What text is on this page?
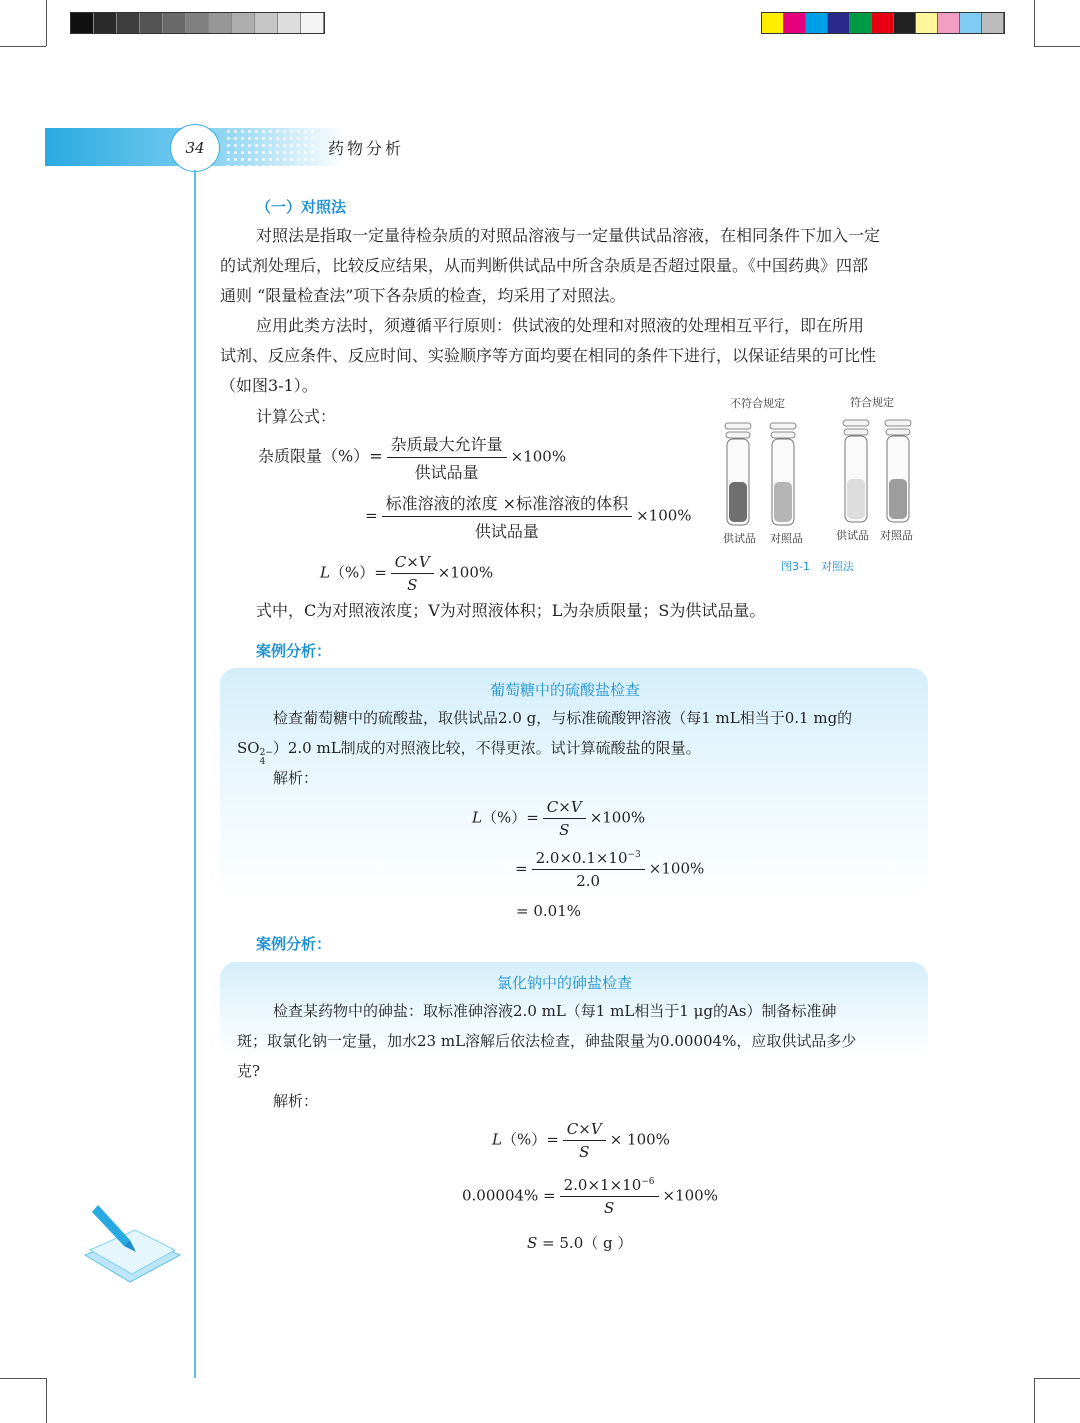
34	药物分析
（一）对照法
对照法是指取一定量待检杂质的对照品溶液与一定量供试品溶液，在相同条件下加入一定
的试剂处理后，比较反应结果，从而判断供试品中所含杂质是否超过限量。《中国药典》四部
通则 “限量检查法”项下各杂质的检查，均采用了对照法。
应用此类方法时，须遵循平行原则：供试液的处理和对照液的处理相互平行，即在所用
试剂、反应条件、反应时间、实验顺序等方面均要在相同的条件下进行，以保证结果的可比性
（如图3-1）。
计算公式：
杂质限量（%）= $\frac{\text{杂质最大允许量}}{\text{供试品量}} \times 100\%$
= $\frac{\text{标准溶液的浓度 ×标准溶液的体积}}{\text{供试品量}} \times 100\%$
$L(\%)= \frac{C\times V}{S} \times 100\%$
式中，C为对照液浓度；V为对照液体积；L为杂质限量；S为供试品量。
不符合规定	符合规定
供试品 对照品	供试品 对照品
图3-1　对照法
案例分析：
葡萄糖中的硫酸盐检查
检查葡萄糖中的硫酸盐，取供试品2.0 g，与标准硫酸钾溶液（每1 mL相当于0.1 mg的
SO 2−
4
）2.0 mL制成的对照液比较，不得更浓。试计算硫酸盐的限量。
解析：
$L(\%)= \frac{C\times V}{S} \times 100\%$
= $\frac{2.0\times 0.1\times 10^{-3}}{2.0} \times 100\%$
= 0.01%
案例分析：
氯化钠中的砷盐检查
检查某药物中的砷盐：取标准砷溶液2.0 mL（每1 mL相当于1 μg的As）制备标准砷
斑；取氯化钠一定量，加水23 mL溶解后依法检查，砷盐限量为0.00004%，应取供试品多少
克?
解析：
$L(\%)= \frac{C\times V}{S} \times 100\%$
$0.00004\% = \frac{2.0\times 1\times 10^{-6}}{S} \times 100\%$
S = 5.0（ g ）
